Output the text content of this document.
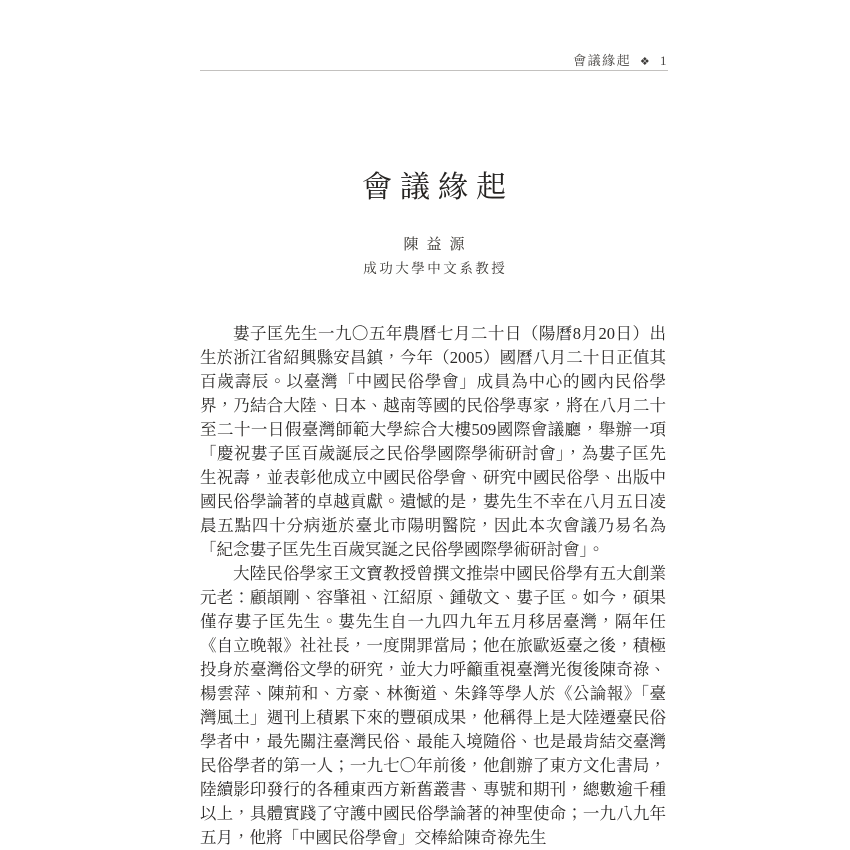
會議緣起 ❖ 1
會議緣起
陳益源
成功大學中文系教授

婁子匡先生一九〇五年農曆七月二十日（陽曆8月20日）出生於浙江省紹興縣安昌鎮，今年（2005）國曆八月二十日正值其百歲壽辰。以臺灣「中國民俗學會」成員為中心的國內民俗學界，乃結合大陸、日本、越南等國的民俗學專家，將在八月二十至二十一日假臺灣師範大學綜合大樓509國際會議廳，舉辦一項「慶祝婁子匡百歲誕辰之民俗學國際學術研討會」，為婁子匡先生祝壽，並表彰他成立中國民俗學會、研究中國民俗學、出版中國民俗學論著的卓越貢獻。遺憾的是，婁先生不幸在八月五日凌晨五點四十分病逝於臺北市陽明醫院，因此本次會議乃易名為「紀念婁子匡先生百歲冥誕之民俗學國際學術研討會」。

大陸民俗學家王文寶教授曾撰文推崇中國民俗學有五大創業元老：顧頡剛、容肇祖、江紹原、鍾敬文、婁子匡。如今，碩果僅存婁子匡先生。婁先生自一九四九年五月移居臺灣，隔年任《自立晚報》社社長，一度開罪當局；他在旅歐返臺之後，積極投身於臺灣俗文學的研究，並大力呼籲重視臺灣光復後陳奇祿、楊雲萍、陳荊和、方豪、林衡道、朱鋒等學人於《公論報》「臺灣風土」週刊上積累下來的豐碩成果，他稱得上是大陸遷臺民俗學者中，最先關注臺灣民俗、最能入境隨俗、也是最肯結交臺灣民俗學者的第一人；一九七〇年前後，他創辦了東方文化書局，陸續影印發行的各種東西方新舊叢書、專號和期刊，總數逾千種以上，具體實踐了守護中國民俗學論著的神聖使命；一九八九年五月，他將「中國民俗學會」交棒給陳奇祿先生
